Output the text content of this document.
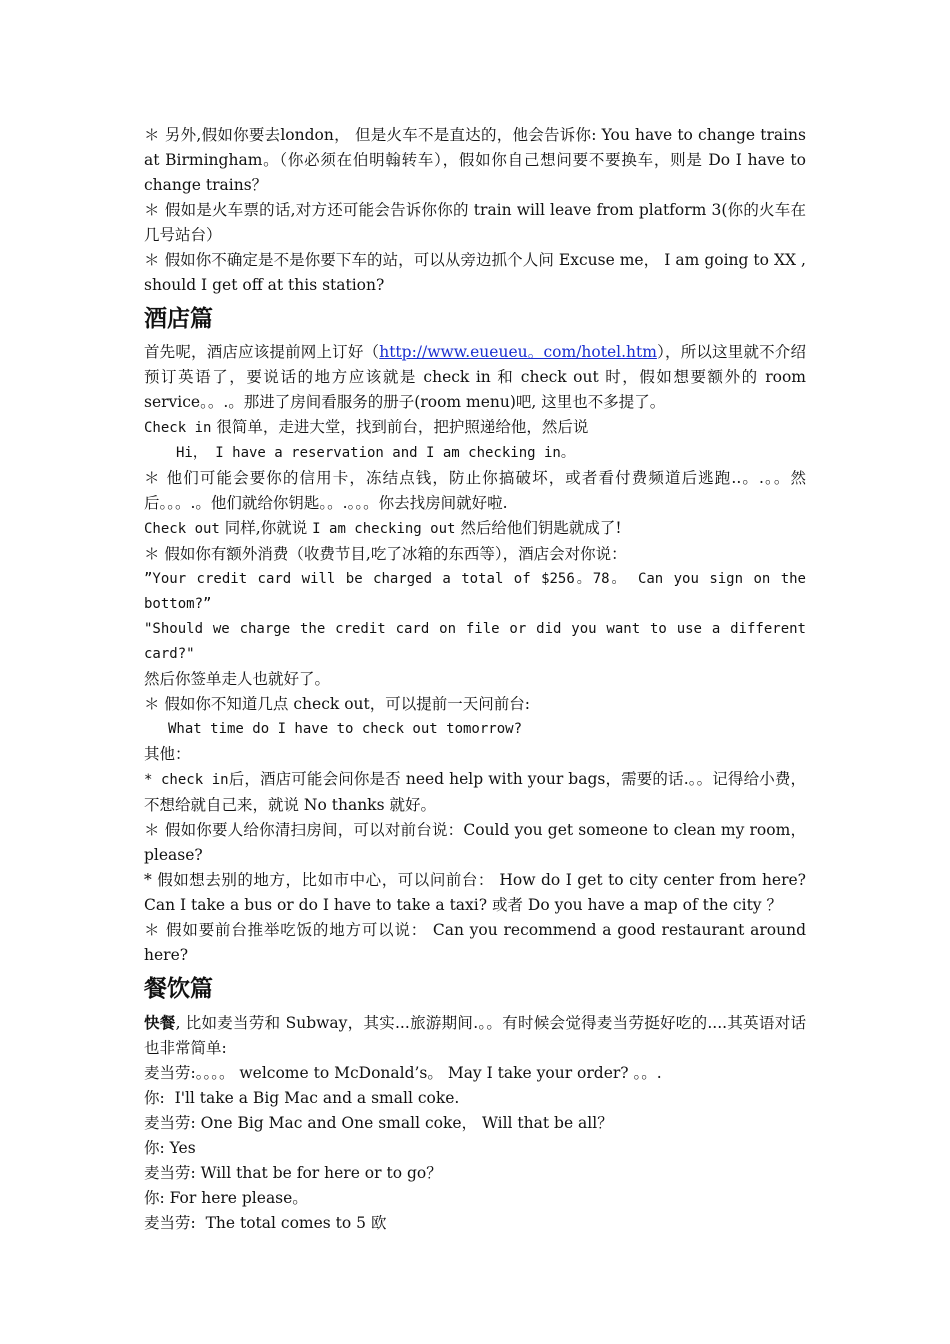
＊ 另外,假如你要去london， 但是火车不是直达的，他会告诉你: You have to change trains at Birmingham。（你必须在伯明翰转车），假如你自己想问要不要换车，则是 Do I have to change trains？

＊ 假如是火车票的话,对方还可能会告诉你你的 train will leave from platform 3(你的火车在几号站台）

＊ 假如你不确定是不是你要下车的站，可以从旁边抓个人问 Excuse me， I am going to XX , should I get off at this station?

酒店篇

首先呢，酒店应该提前网上订好（http://www.eueueu。com/hotel.htm），所以这里就不介绍预订英语了，要说话的地方应该就是 check in 和 check out 时，假如想要额外的 room service。。.。那进了房间看服务的册子(room menu)吧, 这里也不多提了。

Check in 很简单，走进大堂，找到前台，把护照递给他，然后说

Hi， I have a reservation and I am checking in。

＊ 他们可能会要你的信用卡，冻结点钱，防止你搞破坏，或者看付费频道后逃跑..。.。。然后。。。.。他们就给你钥匙。。.。。。你去找房间就好啦.

Check out 同样,你就说 I am checking out 然后给他们钥匙就成了!

＊ 假如你有额外消费（收费节目,吃了冰箱的东西等），酒店会对你说：

”Your credit card will be charged a total of $256。78。 Can you sign on the bottom?”

"Should we charge the credit card on file or did you want to use a different card?"

然后你签单走人也就好了。

＊ 假如你不知道几点 check out，可以提前一天问前台:

What time do I have to check out tomorrow?

其他：

* check in后，酒店可能会问你是否 need help with your bags，需要的话.。。记得给小费，不想给就自己来，就说 No thanks 就好。

＊ 假如你要人给你清扫房间，可以对前台说：Could you get someone to clean my room，please?

* 假如想去别的地方，比如市中心，可以问前台： How do I get to city center from here? Can I take a bus or do I have to take a taxi? 或者 Do you have a map of the city ？

＊ 假如要前台推举吃饭的地方可以说： Can you recommend a good restaurant around here?

餐饮篇

快餐, 比如麦当劳和 Subway，其实...旅游期间.。。有时候会觉得麦当劳挺好吃的....其英语对话也非常简单:

麦当劳:。。。。 welcome to McDonald’s。 May I take your order? 。。.

你:  I'll take a Big Mac and a small coke.

麦当劳: One Big Mac and One small coke， Will that be all？

你: Yes

麦当劳: Will that be for here or to go？

你: For here please。

麦当劳:  The total comes to 5 欧
